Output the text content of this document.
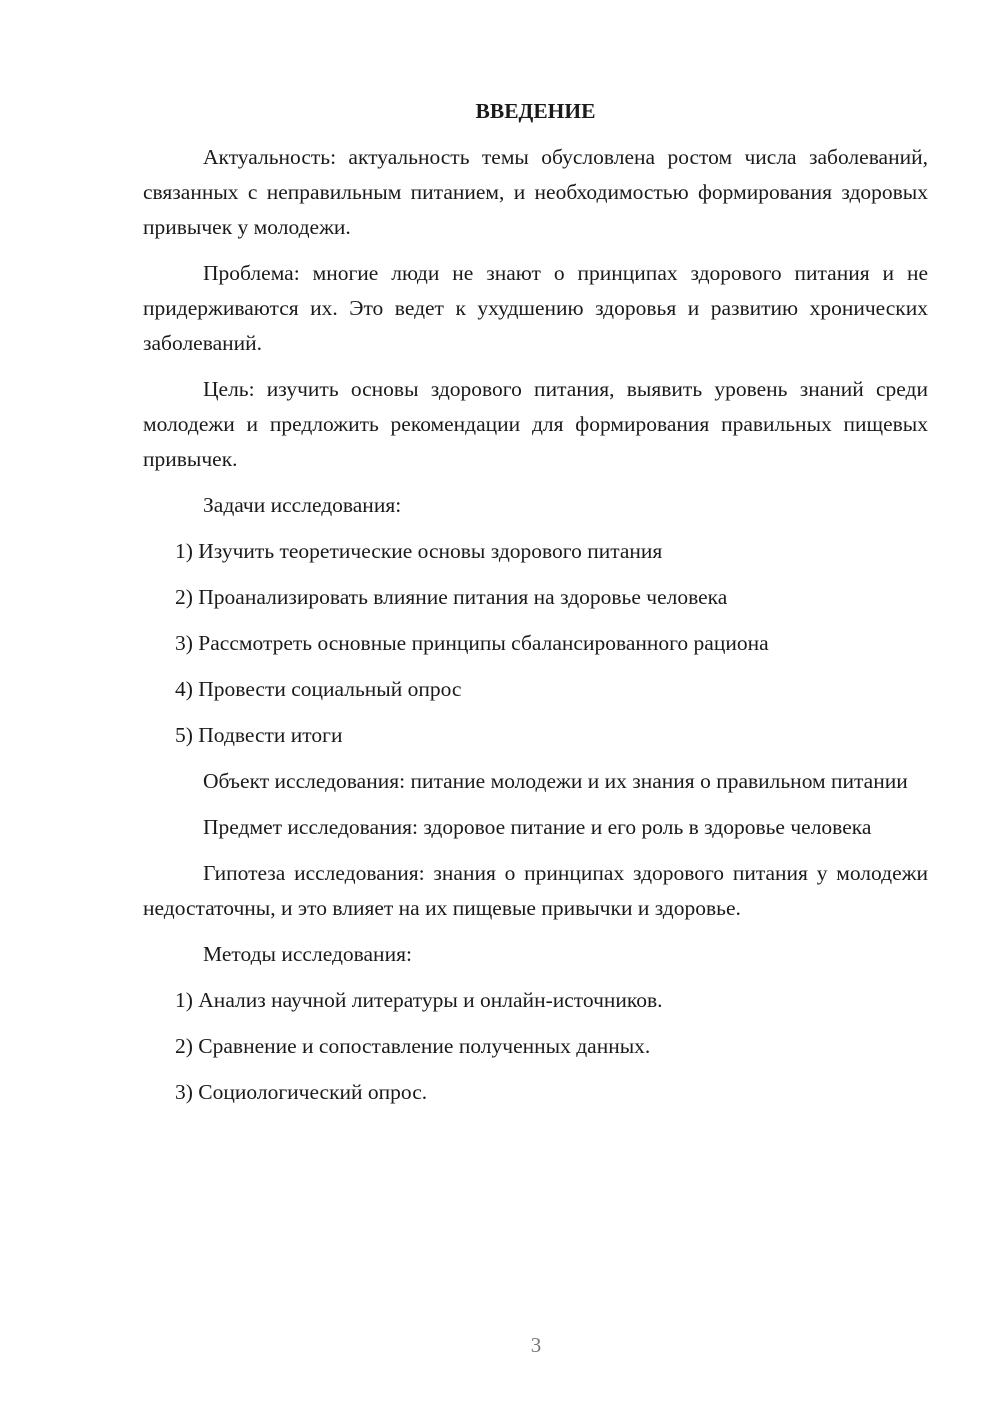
ВВЕДЕНИЕ

Актуальность: актуальность темы обусловлена ростом числа заболеваний, связанных с неправильным питанием, и необходимостью формирования здоровых привычек у молодежи.

Проблема: многие люди не знают о принципах здорового питания и не придерживаются их. Это ведет к ухудшению здоровья и развитию хронических заболеваний.

Цель: изучить основы здорового питания, выявить уровень знаний среди молодежи и предложить рекомендации для формирования правильных пищевых привычек.

Задачи исследования:

1) Изучить теоретические основы здорового питания

2) Проанализировать влияние питания на здоровье человека

3) Рассмотреть основные принципы сбалансированного рациона

4) Провести социальный опрос

5) Подвести итоги

Объект исследования: питание молодежи и их знания о правильном питании

Предмет исследования: здоровое питание и его роль в здоровье человека

Гипотеза исследования: знания о принципах здорового питания у молодежи недостаточны, и это влияет на их пищевые привычки и здоровье.

Методы исследования:

1) Анализ научной литературы и онлайн-источников.

2) Сравнение и сопоставление полученных данных.

3) Социологический опрос.

3
